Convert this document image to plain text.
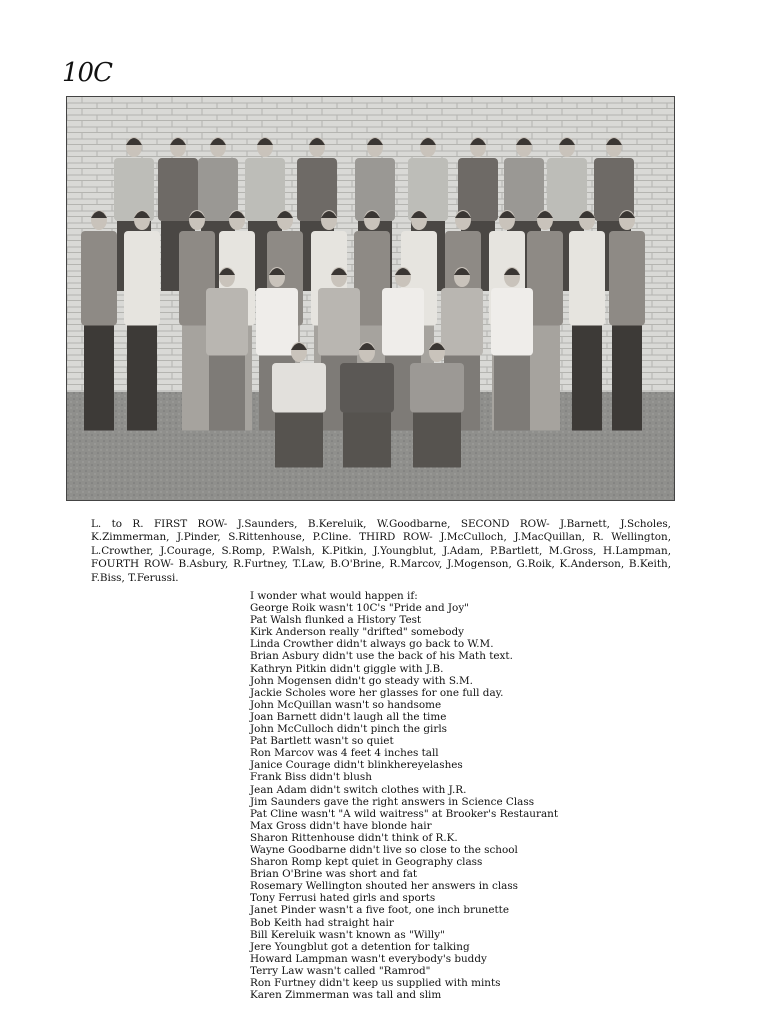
10C
L. to R. FIRST ROW- J.Saunders, B.Kereluik, W.Goodbarne, SECOND ROW- J.Barnett, J.Scholes, K.Zimmerman, J.Pinder, S.Rittenhouse, P.Cline. THIRD ROW- J.McCulloch, J.MacQuillan, R. Wellington, L.Crowther, J.Courage, S.Romp, P.Walsh, K.Pitkin, J.Youngblut, J.Adam, P.Bartlett, M.Gross, H.Lampman, FOURTH ROW- B.Asbury, R.Furtney, T.Law, B.O'Brine, R.Marcov, J.Mogenson, G.Roik, K.Anderson, B.Keith, F.Biss, T.Ferussi.
I wonder what would happen if:
George Roik wasn't 10C's "Pride and Joy"
Pat Walsh flunked a History Test
Kirk Anderson really "drifted" somebody
Linda Crowther didn't always go back to W.M.
Brian Asbury didn't use the back of his Math text.
Kathryn Pitkin didn't giggle with J.B.
John Mogensen didn't go steady with S.M.
Jackie Scholes wore her glasses for one full day.
John McQuillan wasn't so handsome
Joan Barnett didn't laugh all the time
John McCulloch didn't pinch the girls
Pat Bartlett wasn't so quiet
Ron Marcov was 4 feet 4 inches tall
Janice Courage didn't blinkhereyelashes
Frank Biss didn't blush
Jean Adam didn't switch clothes with J.R.
Jim Saunders gave the right answers in Science Class
Pat Cline wasn't "A wild waitress" at Brooker's Restaurant
Max Gross didn't have blonde hair
Sharon Rittenhouse didn't think of R.K.
Wayne Goodbarne didn't live so close to the school
Sharon Romp kept quiet in Geography class
Brian O'Brine was short and fat
Rosemary Wellington shouted her answers in class
Tony Ferrusi hated girls and sports
Janet Pinder wasn't a five foot, one inch brunette
Bob Keith had straight hair
Bill Kereluik wasn't known as "Willy"
Jere Youngblut got a detention for talking
Howard Lampman wasn't everybody's buddy
Terry Law wasn't called "Ramrod"
Ron Furtney didn't keep us supplied with mints
Karen Zimmerman was tall and slim
